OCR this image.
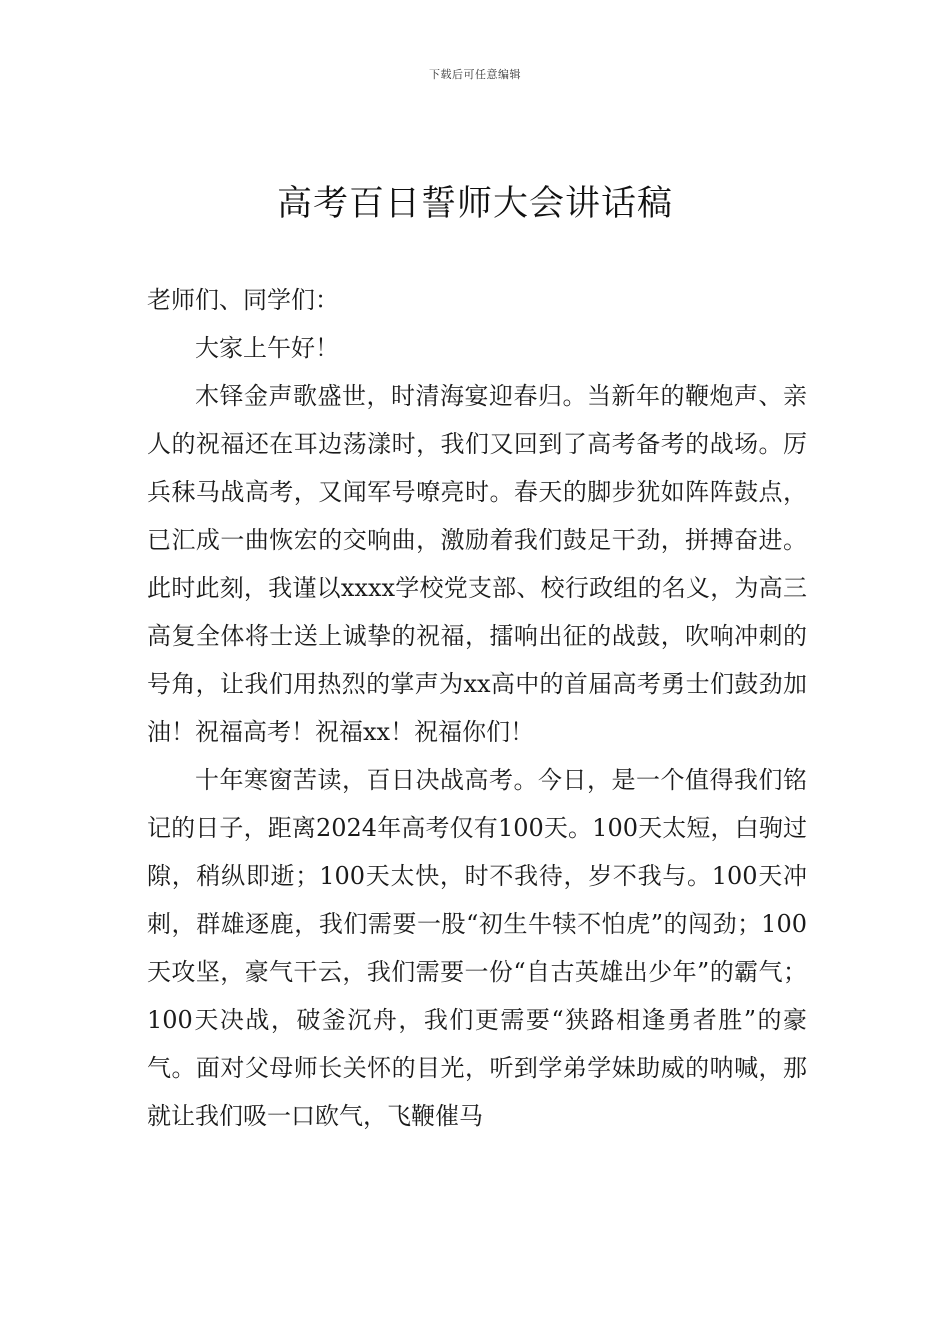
下载后可任意编辑
高考百日誓师大会讲话稿

老师们、同学们：

大家上午好！

木铎金声歌盛世，时清海宴迎春归。当新年的鞭炮声、亲人的祝福还在耳边荡漾时，我们又回到了高考备考的战场。厉兵秣马战高考，又闻军号嘹亮时。春天的脚步犹如阵阵鼓点，已汇成一曲恢宏的交响曲，激励着我们鼓足干劲，拼搏奋进。此时此刻，我谨以xxxx学校党支部、校行政组的名义，为高三高复全体将士送上诚挚的祝福，擂响出征的战鼓，吹响冲刺的号角，让我们用热烈的掌声为xx高中的首届高考勇士们鼓劲加油！祝福高考！祝福xx！祝福你们！

十年寒窗苦读，百日决战高考。今日，是一个值得我们铭记的日子，距离2024年高考仅有100天。100天太短，白驹过隙，稍纵即逝；100天太快，时不我待，岁不我与。100天冲刺，群雄逐鹿，我们需要一股“初生牛犊不怕虎”的闯劲；100天攻坚，豪气干云，我们需要一份“自古英雄出少年”的霸气；100天决战，破釜沉舟，我们更需要“狭路相逢勇者胜”的豪气。面对父母师长关怀的目光，听到学弟学妹助威的呐喊，那就让我们吸一口欧气，飞鞭催马
